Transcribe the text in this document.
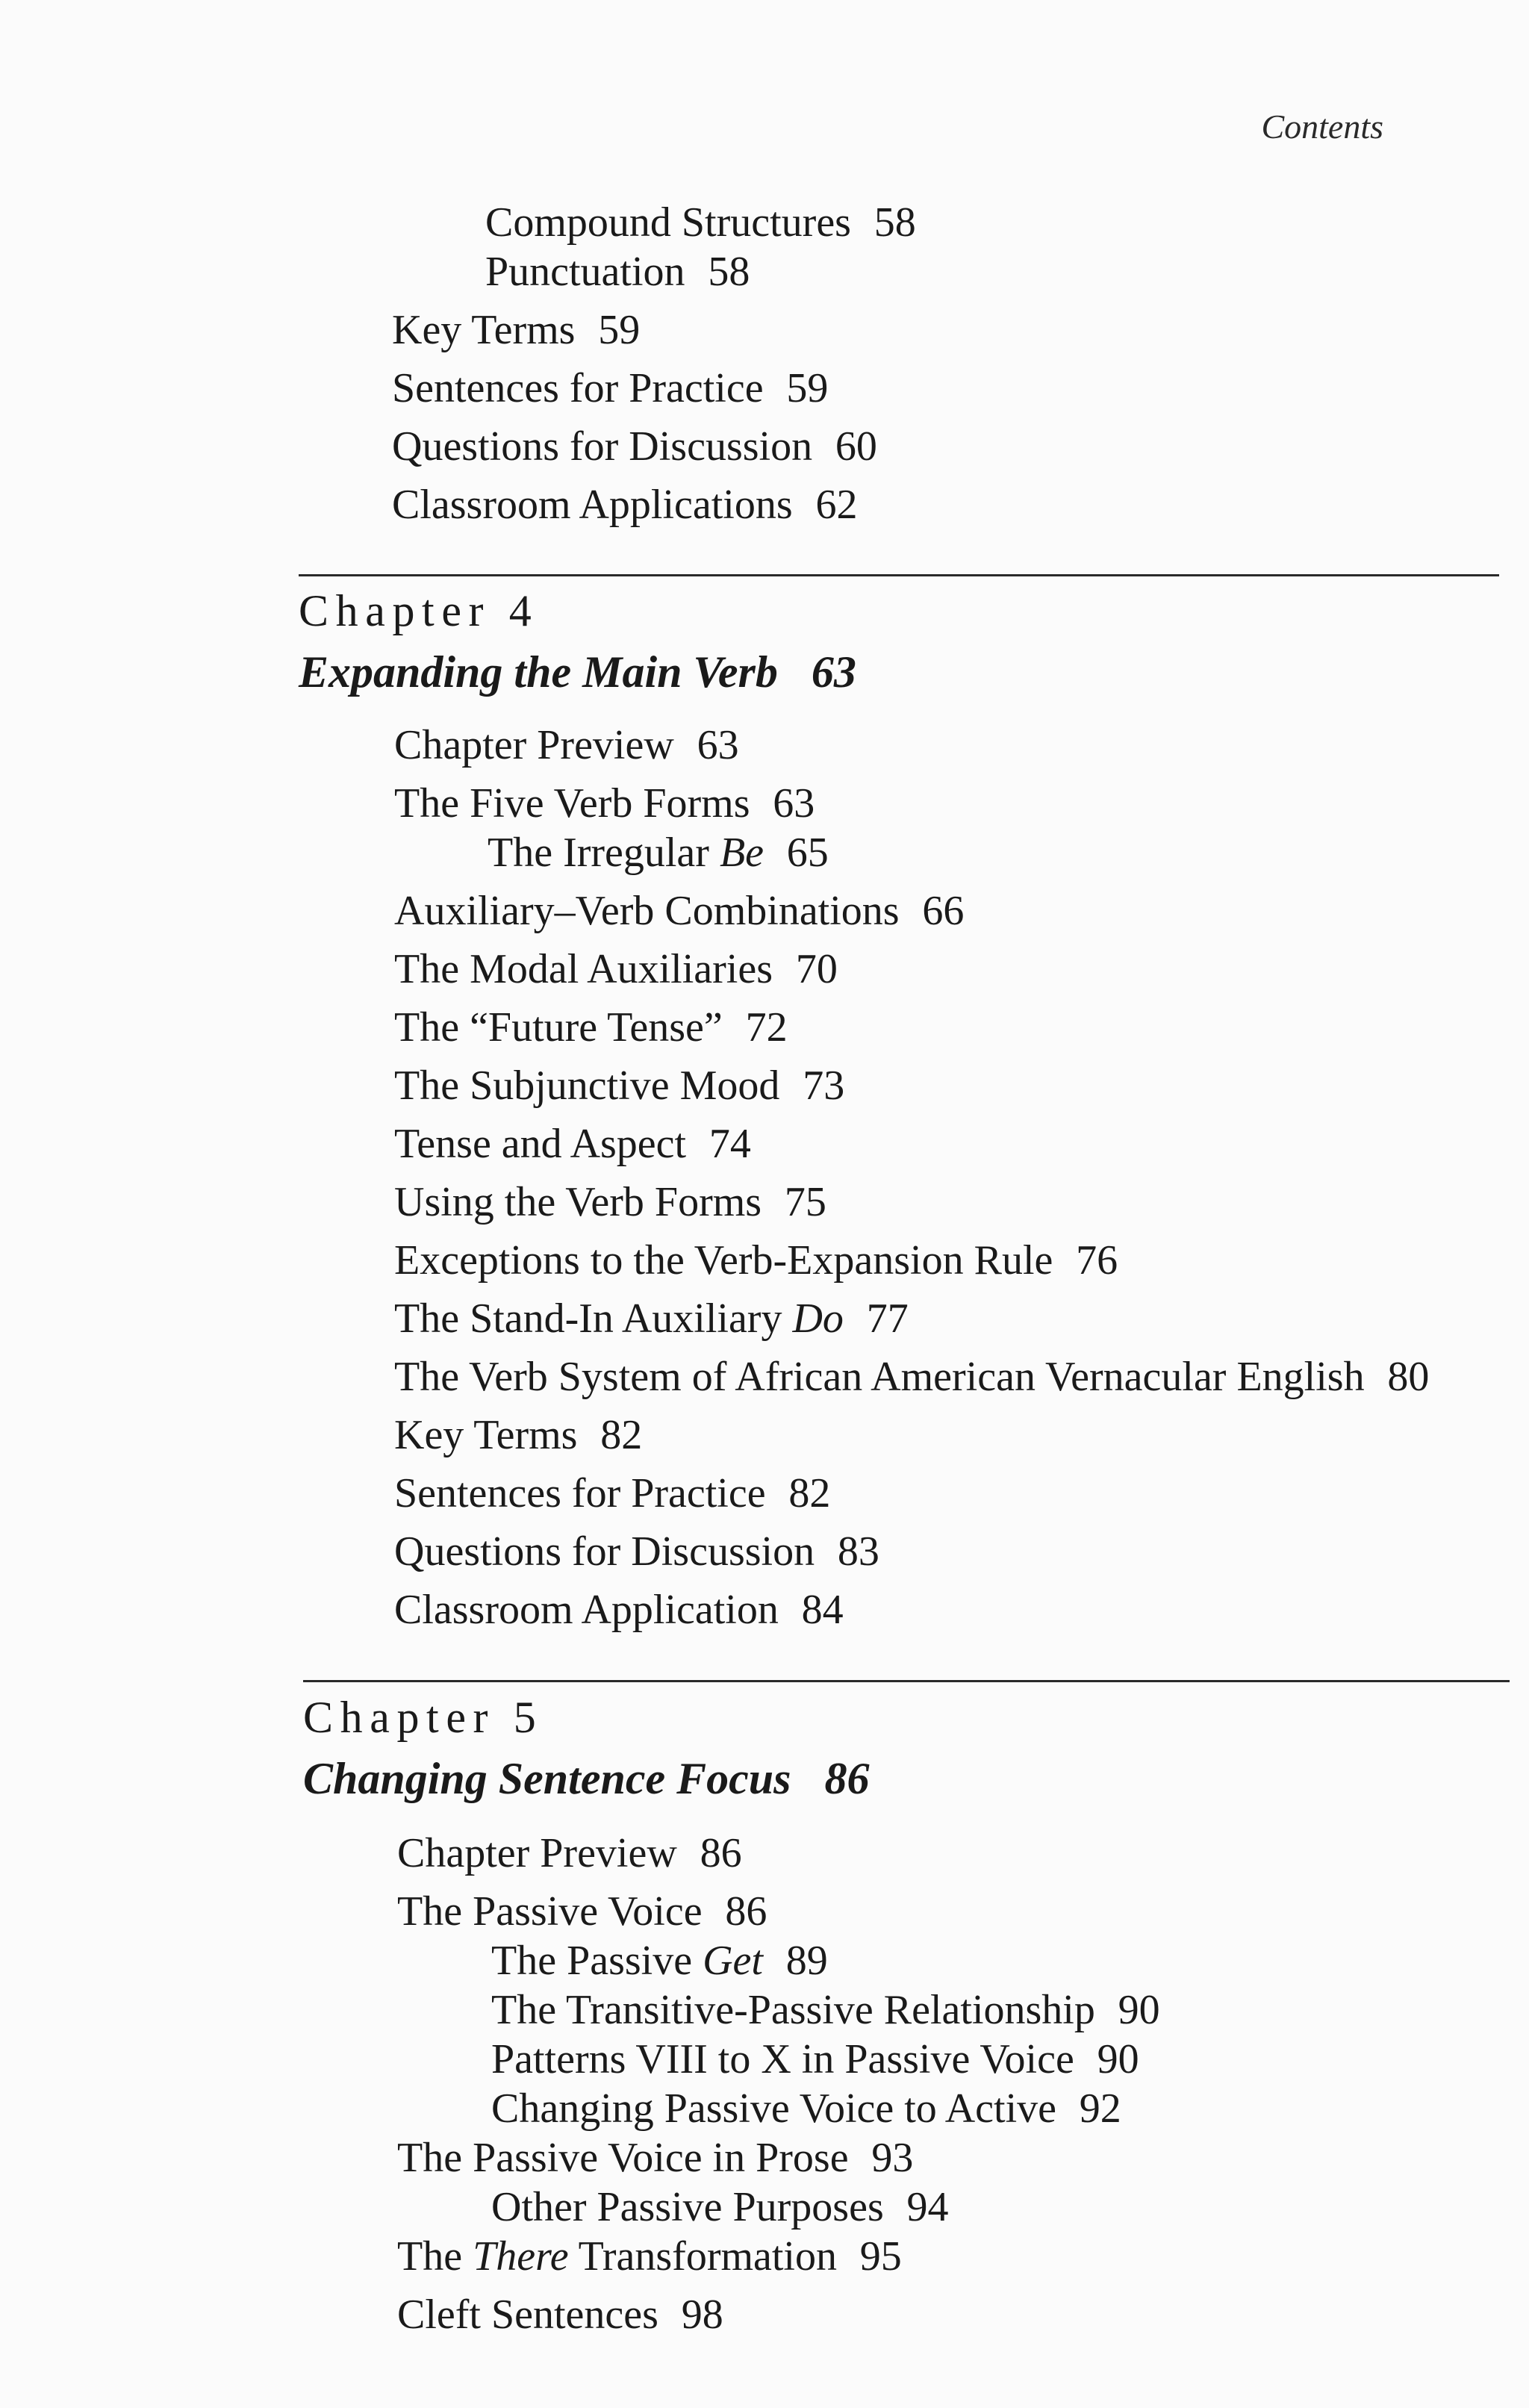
Contents
Compound Structures 58
Punctuation 58
Key Terms 59
Sentences for Practice 59
Questions for Discussion 60
Classroom Applications 62
Chapter 4
Expanding the Main Verb 63
Chapter Preview 63
The Five Verb Forms 63
The Irregular Be 65
Auxiliary–Verb Combinations 66
The Modal Auxiliaries 70
The “Future Tense” 72
The Subjunctive Mood 73
Tense and Aspect 74
Using the Verb Forms 75
Exceptions to the Verb-Expansion Rule 76
The Stand-In Auxiliary Do 77
The Verb System of African American Vernacular English 80
Key Terms 82
Sentences for Practice 82
Questions for Discussion 83
Classroom Application 84
Chapter 5
Changing Sentence Focus 86
Chapter Preview 86
The Passive Voice 86
The Passive Get 89
The Transitive-Passive Relationship 90
Patterns VIII to X in Passive Voice 90
Changing Passive Voice to Active 92
The Passive Voice in Prose 93
Other Passive Purposes 94
The There Transformation 95
Cleft Sentences 98
